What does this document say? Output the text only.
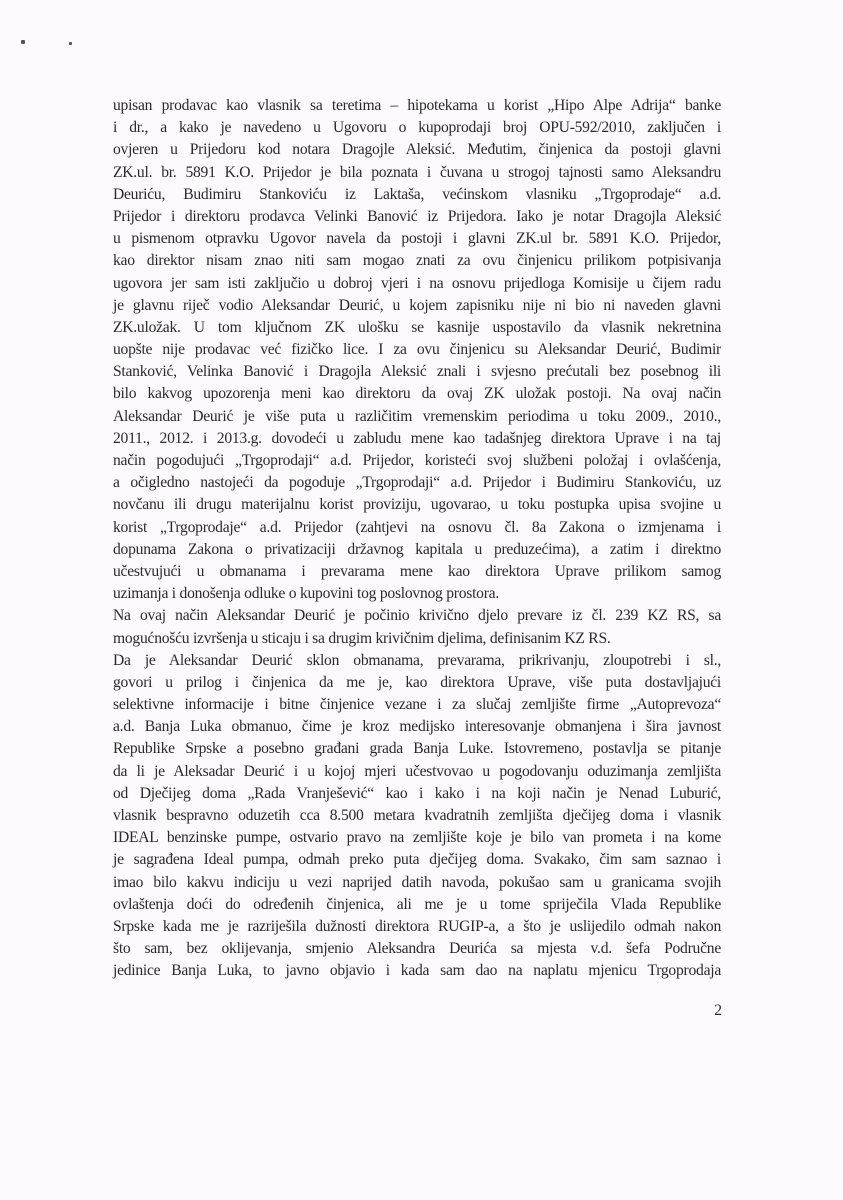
upisan prodavac kao vlasnik sa teretima – hipotekama u korist „Hipo Alpe Adrija“ banke
i dr., a kako je navedeno u Ugovoru o kupoprodaji broj OPU-592/2010, zaključen i
ovjeren u Prijedoru kod notara Dragojle Aleksić. Međutim, činjenica da postoji glavni
ZK.ul. br. 5891 K.O. Prijedor je bila poznata i čuvana u strogoj tajnosti samo Aleksandru
Deuriću, Budimiru Stankoviću iz Laktaša, većinskom vlasniku „Trgoprodaje“ a.d.
Prijedor i direktoru prodavca Velinki Banović iz Prijedora. Iako je notar Dragojla Aleksić
u pismenom otpravku Ugovor navela da postoji i glavni ZK.ul br. 5891 K.O. Prijedor,
kao direktor nisam znao niti sam mogao znati za ovu činjenicu prilikom potpisivanja
ugovora jer sam isti zaključio u dobroj vjeri i na osnovu prijedloga Komisije u čijem radu
je glavnu riječ vodio Aleksandar Deurić, u kojem zapisniku nije ni bio ni naveden glavni
ZK.uložak. U tom ključnom ZK ulošku se kasnije uspostavilo da vlasnik nekretnina
uopšte nije prodavac već fizičko lice. I za ovu činjenicu su Aleksandar Deurić, Budimir
Stanković, Velinka Banović i Dragojla Aleksić znali i svjesno prećutali bez posebnog ili
bilo kakvog upozorenja meni kao direktoru da ovaj ZK uložak postoji. Na ovaj način
Aleksandar Deurić je više puta u različitim vremenskim periodima u toku 2009., 2010.,
2011., 2012. i 2013.g. dovodeći u zabludu mene kao tadašnjeg direktora Uprave i na taj
način pogodujući „Trgoprodaji“ a.d. Prijedor, koristeći svoj službeni položaj i ovlašćenja,
a očigledno nastojeći da pogoduje „Trgoprodaji“ a.d. Prijedor i Budimiru Stankoviću, uz
novčanu ili drugu materijalnu korist proviziju, ugovarao, u toku postupka upisa svojine u
korist „Trgoprodaje“ a.d. Prijedor (zahtjevi na osnovu čl. 8a Zakona o izmjenama i
dopunama Zakona o privatizaciji državnog kapitala u preduzećima), a zatim i direktno
učestvujući u obmanama i prevarama mene kao direktora Uprave prilikom samog
uzimanja i donošenja odluke o kupovini tog poslovnog prostora.
Na ovaj način Aleksandar Deurić je počinio krivično djelo prevare iz čl. 239 KZ RS, sa
mogućnošću izvršenja u sticaju i sa drugim krivičnim djelima, definisanim KZ RS.
Da je Aleksandar Deurić sklon obmanama, prevarama, prikrivanju, zloupotrebi i sl.,
govori u prilog i činjenica da me je, kao direktora Uprave, više puta dostavljajući
selektivne informacije i bitne činjenice vezane i za slučaj zemljište firme „Autoprevoza“
a.d. Banja Luka obmanuo, čime je kroz medijsko interesovanje obmanjena i šira javnost
Republike Srpske a posebno građani grada Banja Luke. Istovremeno, postavlja se pitanje
da li je Aleksadar Deurić i u kojoj mjeri učestvovao u pogodovanju oduzimanja zemljišta
od Dječijeg doma „Rada Vranješević“ kao i kako i na koji način je Nenad Luburić,
vlasnik bespravno oduzetih cca 8.500 metara kvadratnih zemljišta dječijeg doma i vlasnik
IDEAL benzinske pumpe, ostvario pravo na zemljište koje je bilo van prometa i na kome
je sagrađena Ideal pumpa, odmah preko puta dječijeg doma. Svakako, čim sam saznao i
imao bilo kakvu indiciju u vezi naprijed datih navoda, pokušao sam u granicama svojih
ovlaštenja doći do određenih činjenica, ali me je u tome spriječila Vlada Republike
Srpske kada me je razriješila dužnosti direktora RUGIP-a, a što je uslijedilo odmah nakon
što sam, bez oklijevanja, smjenio Aleksandra Deurića sa mjesta v.d. šefa Područne
jedinice Banja Luka, to javno objavio i kada sam dao na naplatu mjenicu Trgoprodaja
2
